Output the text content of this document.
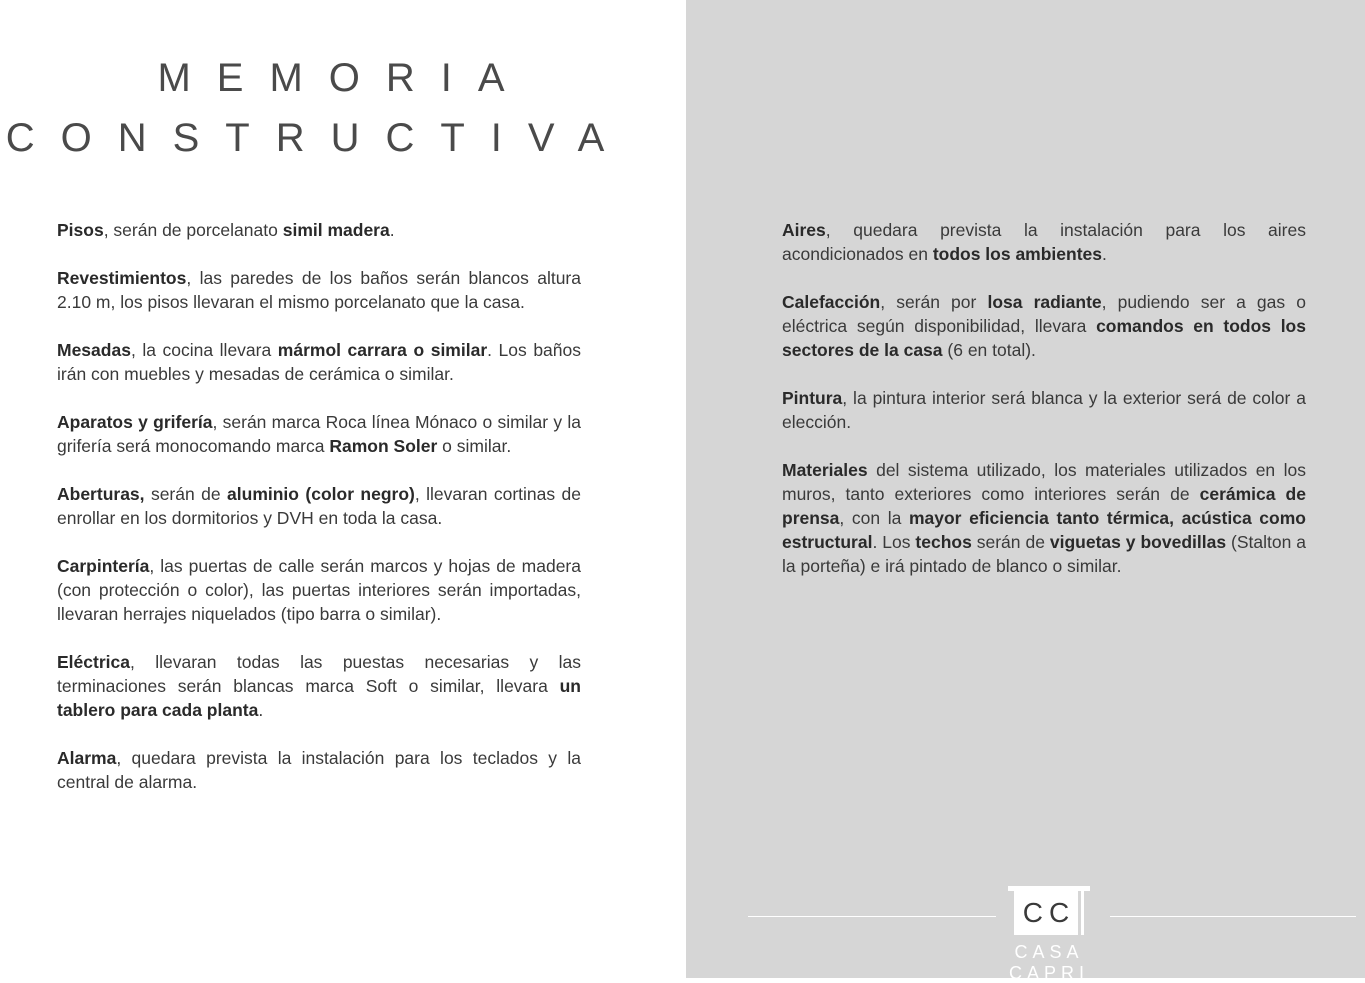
MEMORIA
CONSTRUCTIVA

Pisos, serán de porcelanato simil madera.

Revestimientos, las paredes de los baños serán blancos altura 2.10 m, los pisos llevaran el mismo porcelanato que la casa.

Mesadas, la cocina llevara mármol carrara o similar. Los baños irán con muebles y mesadas de cerámica o similar.

Aparatos y grifería, serán marca Roca línea Mónaco o similar y la grifería será monocomando marca Ramon Soler o similar.

Aberturas, serán de aluminio (color negro), llevaran cortinas de enrollar en los dormitorios y DVH en toda la casa.

Carpintería, las puertas de calle serán marcos y hojas de madera (con protección o color), las puertas interiores serán importadas, llevaran herrajes niquelados (tipo barra o similar).

Eléctrica, llevaran todas las puestas necesarias y las terminaciones serán blancas marca Soft o similar, llevara un tablero para cada planta.

Alarma, quedara prevista la instalación para los teclados y la central de alarma.

Aires, quedara prevista la instalación para los aires acondicionados en todos los ambientes.

Calefacción, serán por losa radiante, pudiendo ser a gas o eléctrica según disponibilidad, llevara comandos en todos los sectores de la casa (6 en total).

Pintura, la pintura interior será blanca y la exterior será de color a elección.

Materiales del sistema utilizado, los materiales utilizados en los muros, tanto exteriores como interiores serán de cerámica de prensa, con la mayor eficiencia tanto térmica, acústica como estructural. Los techos serán de viguetas y bovedillas (Stalton a la porteña) e irá pintado de blanco o similar.

CC
CASA
CAPRI
